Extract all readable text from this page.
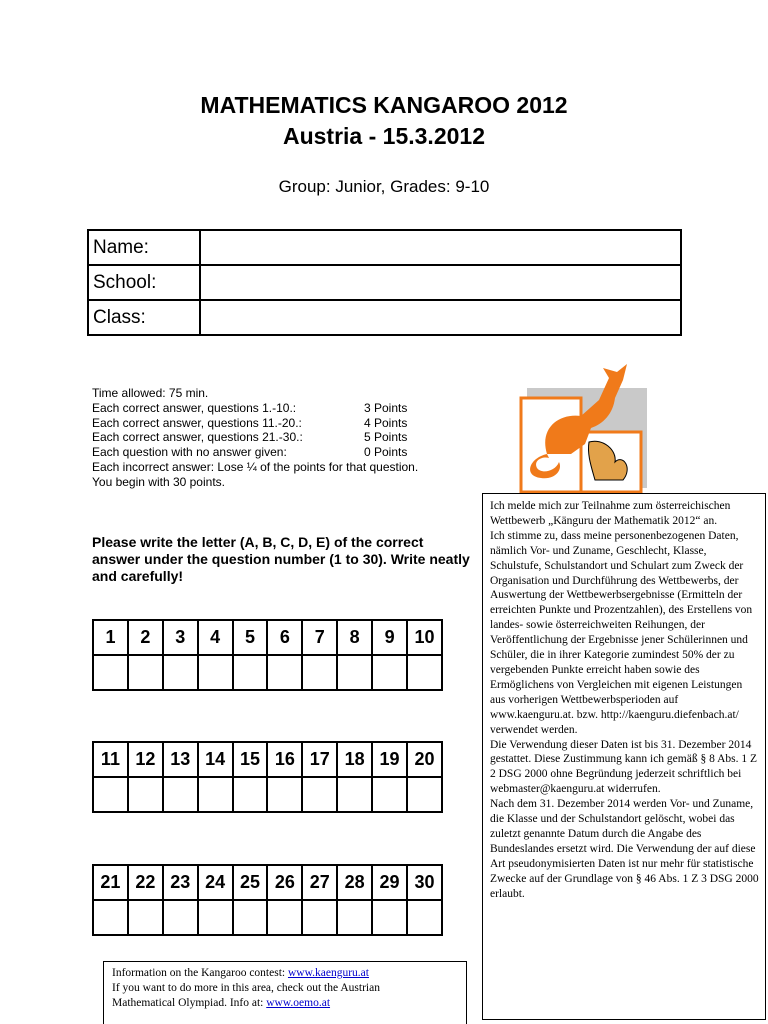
MATHEMATICS KANGAROO 2012
Austria - 15.3.2012
Group: Junior, Grades: 9-10
Name:	
School:	
Class:	
Time allowed: 75 min.
Each correct answer, questions 1.-10.:	3 Points
Each correct answer, questions 11.-20.:	4 Points
Each correct answer, questions 21.-30.:	5 Points
Each question with no answer given:	0 Points
Each incorrect answer: Lose ¼ of the points for that question.
You begin with 30 points.
Please write the letter (A, B, C, D, E) of the correct answer under the question number (1 to 30). Write neatly and carefully!
1	2	3	4	5	6	7	8	9	10

11	12	13	14	15	16	17	18	19	20

21	22	23	24	25	26	27	28	29	30

Ich melde mich zur Teilnahme zum österreichischen Wettbewerb „Känguru der Mathematik 2012“ an.
Ich stimme zu, dass meine personenbezogenen Daten, nämlich Vor- und Zuname, Geschlecht, Klasse, Schulstufe, Schulstandort und Schulart zum Zweck der Organisation und Durchführung des Wettbewerbs, der Auswertung der Wettbewerbsergebnisse (Ermitteln der erreichten Punkte und Prozentzahlen), des Erstellens von landes- sowie österreichweiten Reihungen, der Veröffentlichung der Ergebnisse jener Schülerinnen und Schüler, die in ihrer Kategorie zumindest 50% der zu vergebenden Punkte erreicht haben sowie des Ermöglichens von Vergleichen mit eigenen Leistungen aus vorherigen Wettbewerbsperioden auf www.kaenguru.at. bzw. http://kaenguru.diefenbach.at/ verwendet werden.
Die Verwendung dieser Daten ist bis 31. Dezember 2014 gestattet. Diese Zustimmung kann ich gemäß § 8 Abs. 1 Z 2 DSG 2000 ohne Begründung jederzeit schriftlich bei webmaster@kaenguru.at widerrufen.
Nach dem 31. Dezember 2014 werden Vor- und Zuname, die Klasse und der Schulstandort gelöscht, wobei das zuletzt genannte Datum durch die Angabe des Bundeslandes ersetzt wird. Die Verwendung der auf diese Art pseudonymisierten Daten ist nur mehr für statistische Zwecke auf der Grundlage von § 46 Abs. 1 Z 3 DSG 2000 erlaubt.
Information on the Kangaroo contest: www.kaenguru.at
If you want to do more in this area, check out the Austrian
Mathematical Olympiad. Info at: www.oemo.at
